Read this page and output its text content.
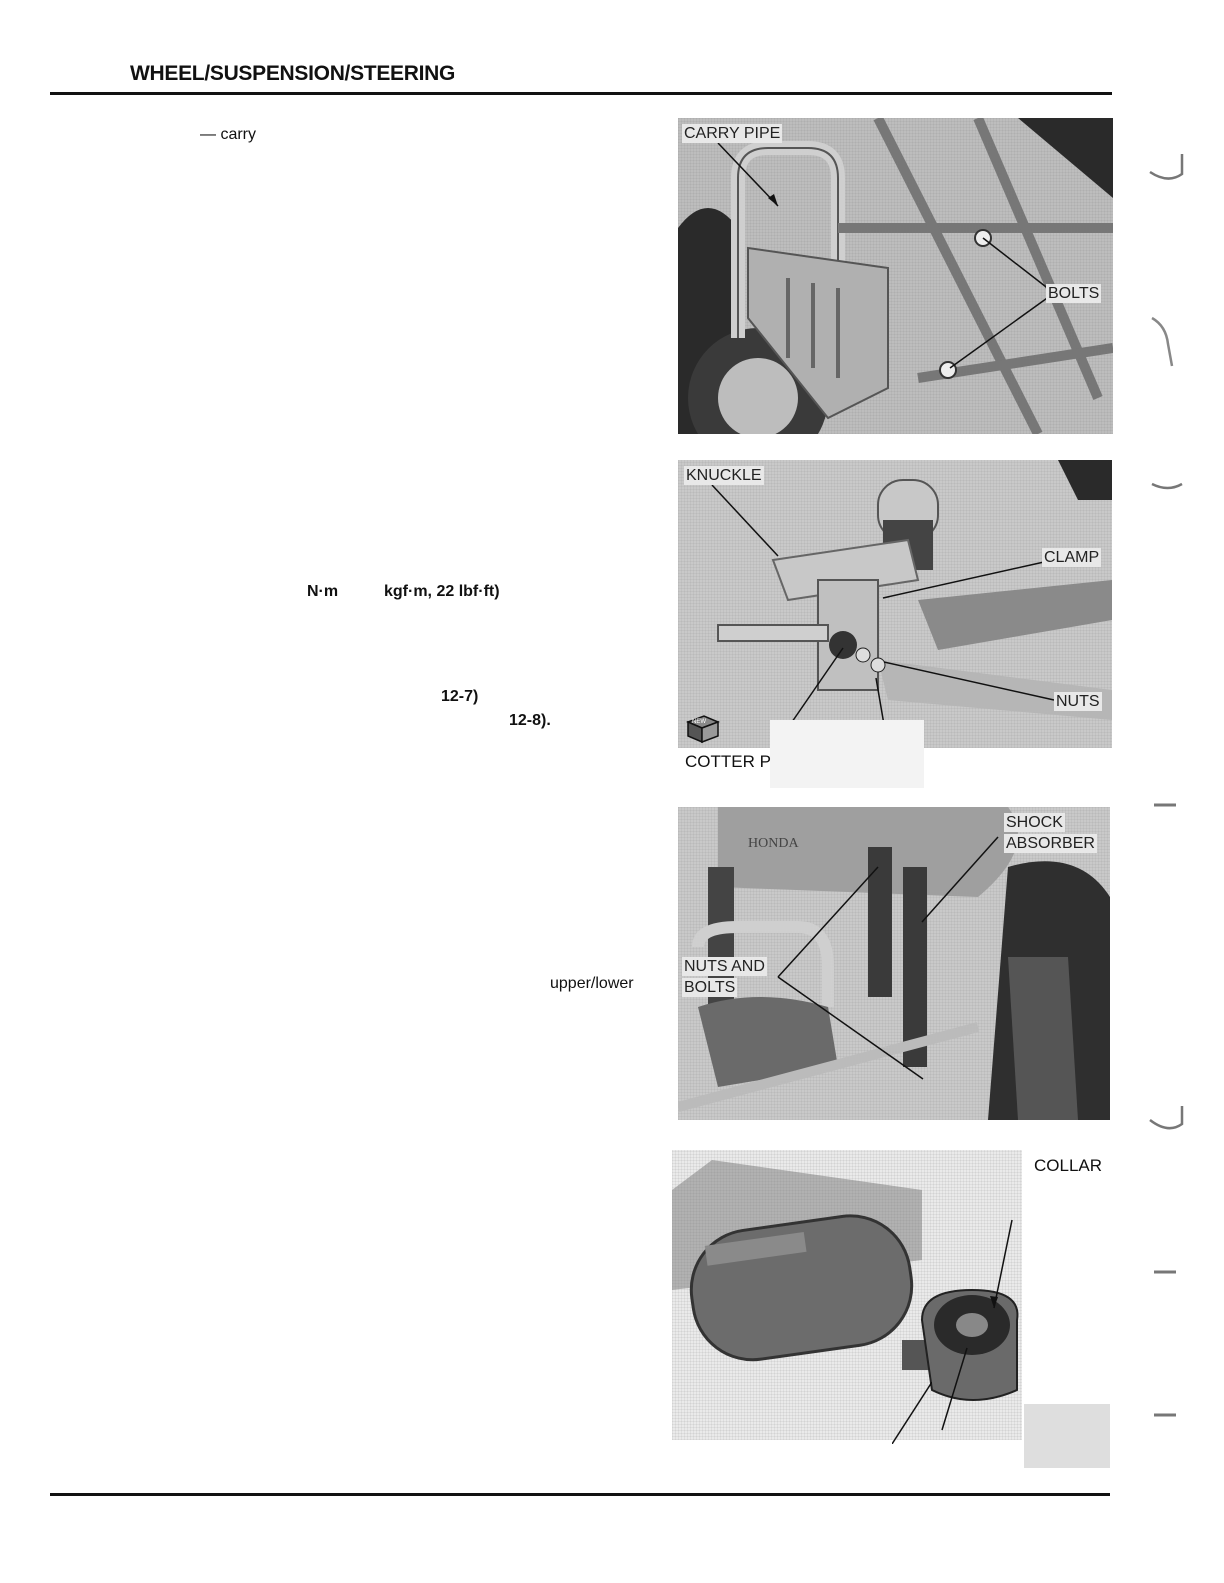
WHEEL/SUSPENSION/STEERING
— carry
N·m	kgf·m, 22 lbf·ft)
12-7)
12-8).
upper/lower
CARRY PIPE
BOLTS
KNUCKLE
CLAMP
NUTS
NEW
COTTER P
HONDA
SHOCK
ABSORBER
NUTS AND
BOLTS
COLLAR
